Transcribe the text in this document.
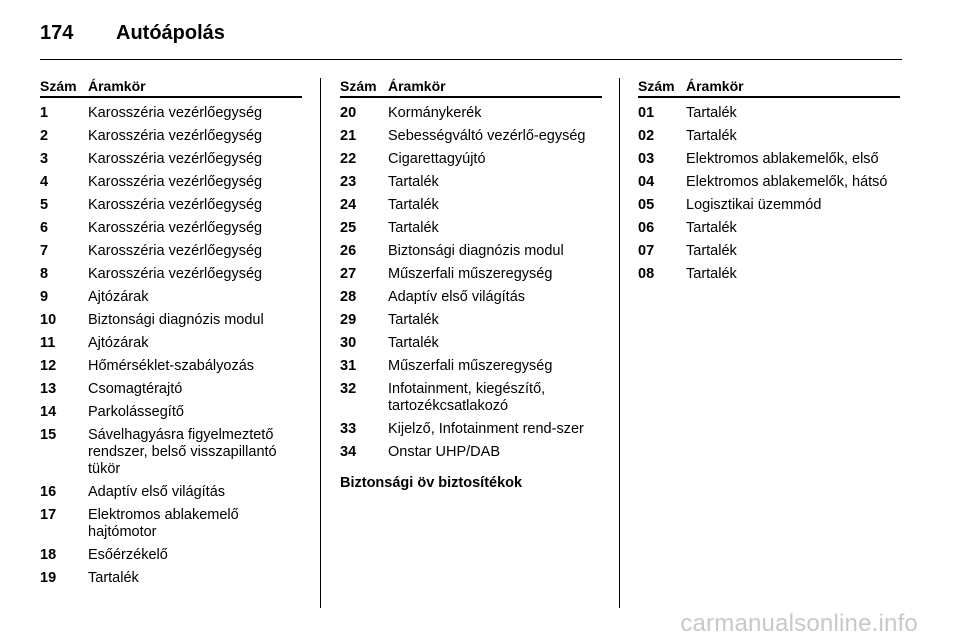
174	Autóápolás
Szám Áramkör
1	Karosszéria vezérlőegység
2	Karosszéria vezérlőegység
3	Karosszéria vezérlőegység
4	Karosszéria vezérlőegység
5	Karosszéria vezérlőegység
6	Karosszéria vezérlőegység
7	Karosszéria vezérlőegység
8	Karosszéria vezérlőegység
9	Ajtózárak
10	Biztonsági diagnózis modul
11	Ajtózárak
12	Hőmérséklet-szabályozás
13	Csomagtérajtó
14	Parkolássegítő
15	Sávelhagyásra figyelmeztető rendszer, belső visszapillantó tükör
16	Adaptív első világítás
17	Elektromos ablakemelő hajtómotor
18	Esőérzékelő
19	Tartalék
Szám Áramkör
20	Kormánykerék
21	Sebességváltó vezérlő-egység
22	Cigarettagyújtó
23	Tartalék
24	Tartalék
25	Tartalék
26	Biztonsági diagnózis modul
27	Műszerfali műszeregység
28	Adaptív első világítás
29	Tartalék
30	Tartalék
31	Műszerfali műszeregység
32	Infotainment, kiegészítő, tartozékcsatlakozó
33	Kijelző, Infotainment rend-szer
34	Onstar UHP/DAB
Biztonsági öv biztosítékok
Szám Áramkör
01	Tartalék
02	Tartalék
03	Elektromos ablakemelők, első
04	Elektromos ablakemelők, hátsó
05	Logisztikai üzemmód
06	Tartalék
07	Tartalék
08	Tartalék
carmanualsonline.info
